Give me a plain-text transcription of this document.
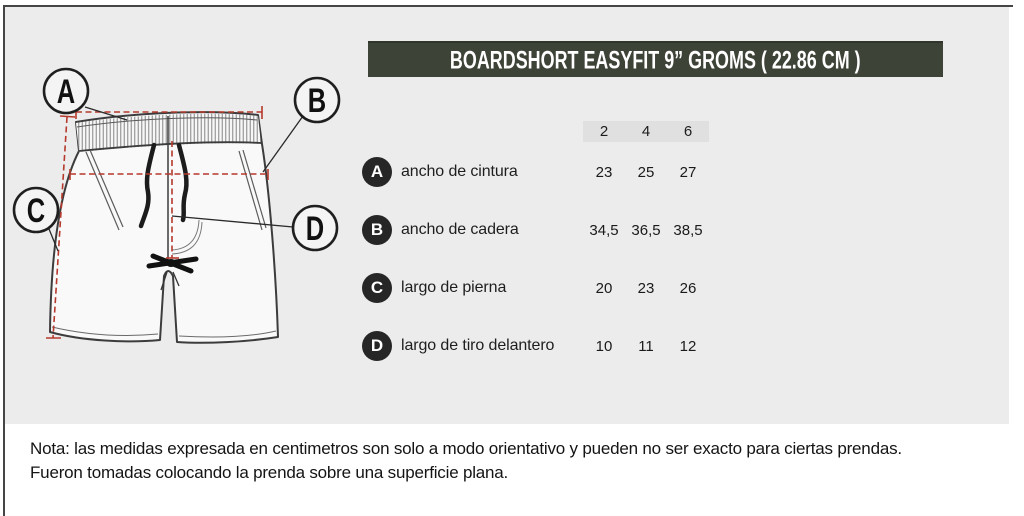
A	B
C	D
BOARDSHORT EASYFIT 9” GROMS ( 22.86 CM )
2	4	6
A	ancho de cintura	23	25	27
B	ancho de cadera	34,5 36,5 38,5
C	largo de pierna	20	23	26
D	largo de tiro delantero	10	11	12
Nota: las medidas expresada en centimetros son solo a modo orientativo y pueden no ser exacto para ciertas prendas.
Fueron tomadas colocando la prenda sobre una superficie plana.
